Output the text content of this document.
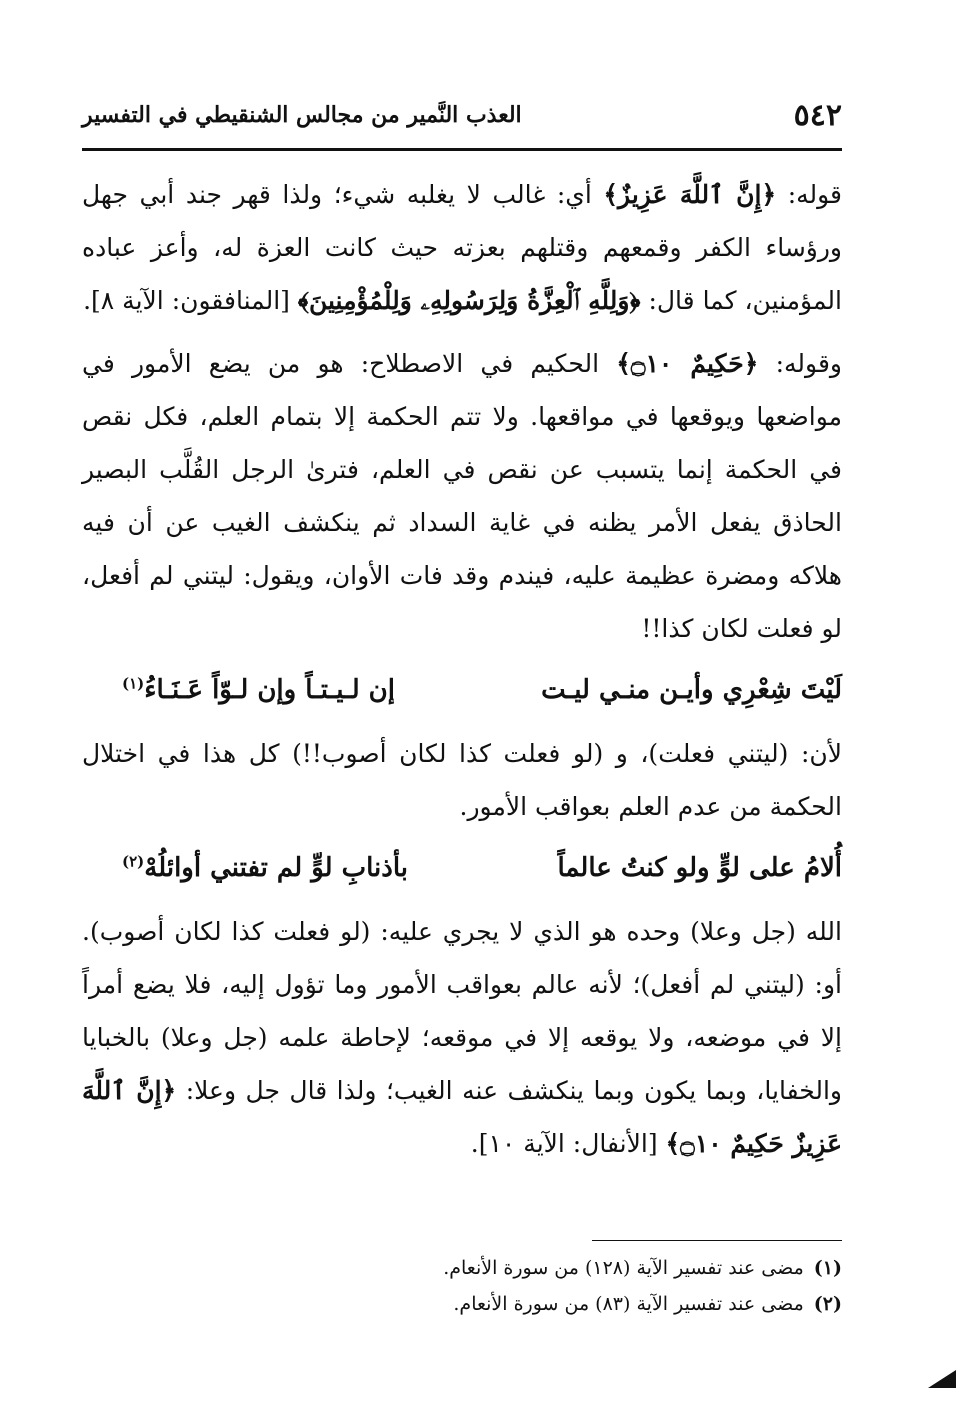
٥٤٢
العذب النَّمير من مجالس الشنقيطي في التفسير

قوله: ﴿إِنَّ ٱللَّهَ عَزِيزٌ﴾ أي: غالب لا يغلبه شيء؛ ولذا قهر جند أبي جهل ورؤساء الكفر وقمعهم وقتلهم بعزته حيث كانت العزة له، وأعز عباده المؤمنين، كما قال: ﴿وَلِلَّهِ ٱلْعِزَّةُ وَلِرَسُولِهِۦ وَلِلْمُؤْمِنِينَ﴾ [المنافقون: الآية ٨].

وقوله: ﴿حَكِيمٌ ۝١٠﴾ الحكيم في الاصطلاح: هو من يضع الأمور في مواضعها ويوقعها في مواقعها. ولا تتم الحكمة إلا بتمام العلم، فكل نقص في الحكمة إنما يتسبب عن نقص في العلم، فترىٰ الرجل القُلَّب البصير الحاذق يفعل الأمر يظنه في غاية السداد ثم ينكشف الغيب عن أن فيه هلاكه ومضرة عظيمة عليه، فيندم وقد فات الأوان، ويقول: ليتني لم أفعل، لو فعلت لكان كذا!!

لَيْتَ شِعْرِي وأيـن منـي ليـت
إن لـيـتـاً وإن لـوّاً عَـنَـاءُ$^{(١)}$

لأن: (ليتني فعلت)، و (لو فعلت كذا لكان أصوب!!) كل هذا في اختلال الحكمة من عدم العلم بعواقب الأمور.

أُلامُ على لوٍّ ولو كنتُ عالماً
بأذنابِ لوٍّ لم تفتني أوائلُهْ$^{(٢)}$

الله (جل وعلا) وحده هو الذي لا يجري عليه: (لو فعلت كذا لكان أصوب). أو: (ليتني لم أفعل)؛ لأنه عالم بعواقب الأمور وما تؤول إليه، فلا يضع أمراً إلا في موضعه، ولا يوقعه إلا في موقعه؛ لإحاطة علمه (جل وعلا) بالخبايا والخفايا، وبما يكون وبما ينكشف عنه الغيب؛ ولذا قال جل وعلا: ﴿إِنَّ ٱللَّهَ عَزِيزٌ حَكِيمٌ ۝١٠﴾ [الأنفال: الآية ١٠].

(١)مضى عند تفسير الآية (١٢٨) من سورة الأنعام.
(٢)مضى عند تفسير الآية (٨٣) من سورة الأنعام.
